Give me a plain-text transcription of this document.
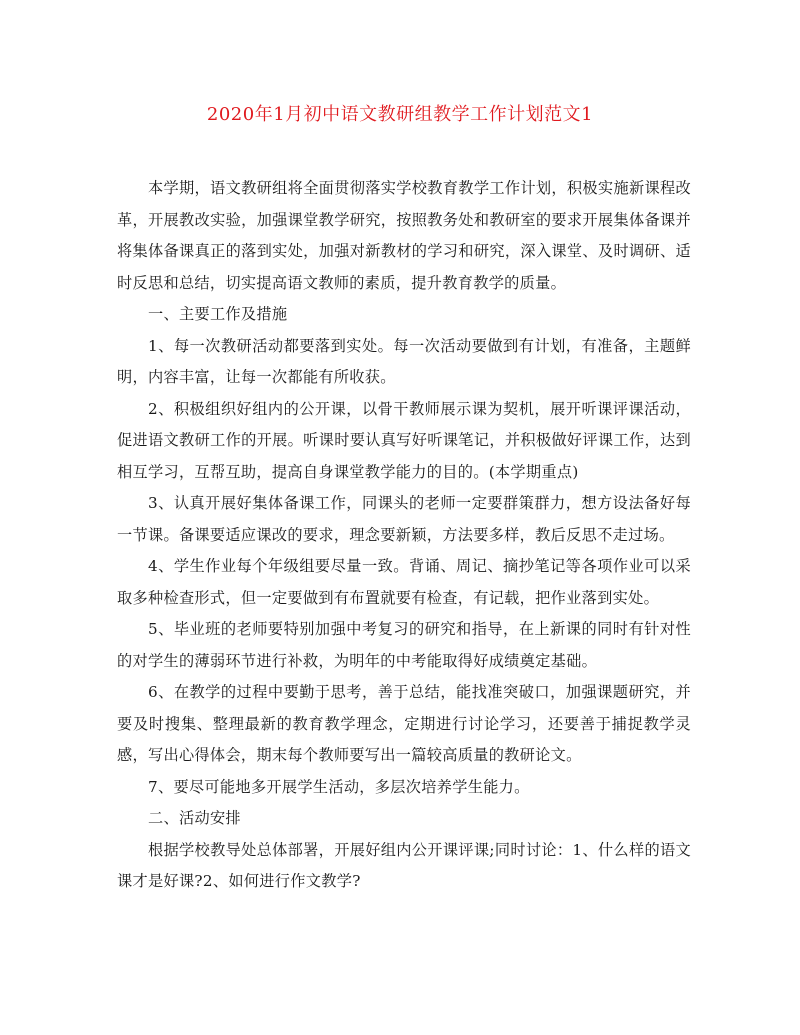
2020年1月初中语文教研组教学工作计划范文1

本学期，语文教研组将全面贯彻落实学校教育教学工作计划，积极实施新课程改革，开展教改实验，加强课堂教学研究，按照教务处和教研室的要求开展集体备课并将集体备课真正的落到实处，加强对新教材的学习和研究，深入课堂、及时调研、适时反思和总结，切实提高语文教师的素质，提升教育教学的质量。

一、主要工作及措施

1、每一次教研活动都要落到实处。每一次活动要做到有计划，有准备，主题鲜明，内容丰富，让每一次都能有所收获。

2、积极组织好组内的公开课，以骨干教师展示课为契机，展开听课评课活动，促进语文教研工作的开展。听课时要认真写好听课笔记，并积极做好评课工作，达到相互学习，互帮互助，提高自身课堂教学能力的目的。(本学期重点)

3、认真开展好集体备课工作，同课头的老师一定要群策群力，想方设法备好每一节课。备课要适应课改的要求，理念要新颖，方法要多样，教后反思不走过场。

4、学生作业每个年级组要尽量一致。背诵、周记、摘抄笔记等各项作业可以采取多种检查形式，但一定要做到有布置就要有检查，有记载，把作业落到实处。

5、毕业班的老师要特别加强中考复习的研究和指导，在上新课的同时有针对性的对学生的薄弱环节进行补救，为明年的中考能取得好成绩奠定基础。

6、在教学的过程中要勤于思考，善于总结，能找准突破口，加强课题研究，并要及时搜集、整理最新的教育教学理念，定期进行讨论学习，还要善于捕捉教学灵感，写出心得体会，期末每个教师要写出一篇较高质量的教研论文。

7、要尽可能地多开展学生活动，多层次培养学生能力。

二、活动安排

根据学校教导处总体部署，开展好组内公开课评课;同时讨论：1、什么样的语文课才是好课?2、如何进行作文教学?
